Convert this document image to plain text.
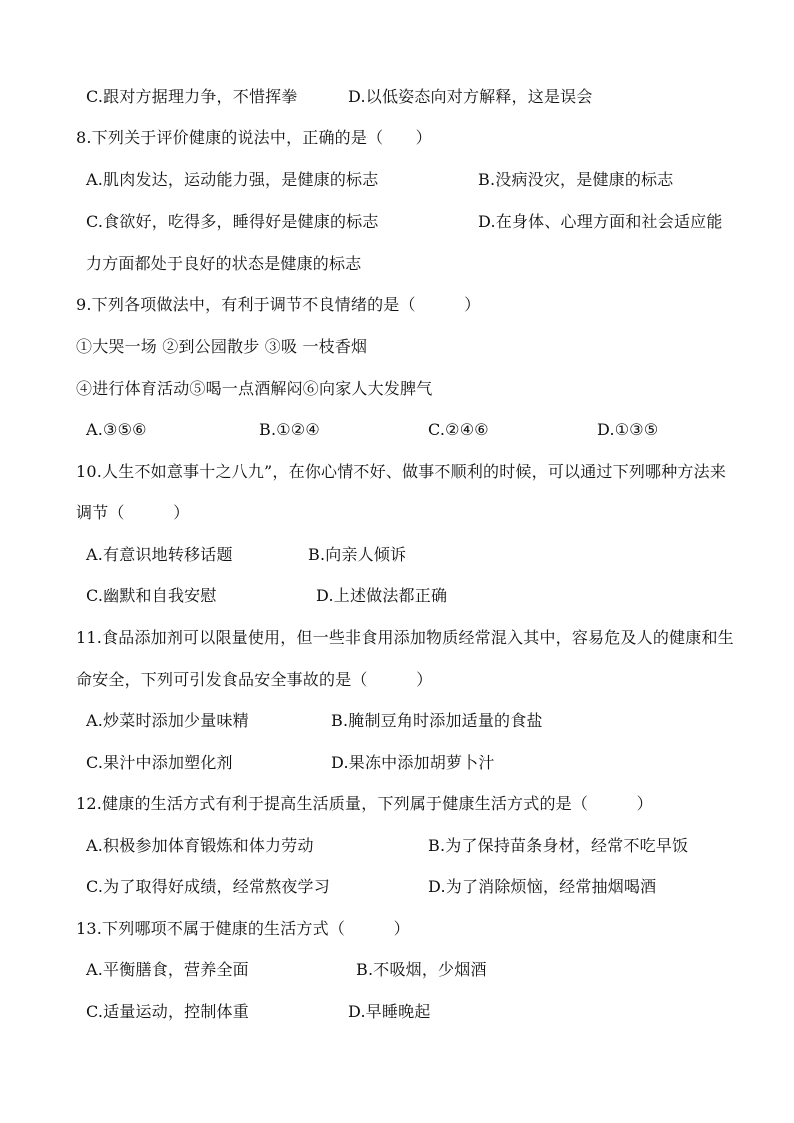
C.跟对方据理力争，不惜挥拳	D.以低姿态向对方解释，这是误会
8.下列关于评价健康的说法中，正确的是（　　）
A.肌肉发达，运动能力强，是健康的标志	B.没病没灾，是健康的标志
C.食欲好，吃得多，睡得好是健康的标志	D.在身体、心理方面和社会适应能
力方面都处于良好的状态是健康的标志
9.下列各项做法中，有利于调节不良情绪的是（　　　）
①大哭一场 ②到公园散步 ③吸 一枝香烟
④进行体育活动⑤喝一点酒解闷⑥向家人大发脾气
A.③⑤⑥	B.①②④	C.②④⑥	D.①③⑤
10.人生不如意事十之八九”，在你心情不好、做事不顺利的时候，可以通过下列哪种方法来
调节（　　　）
A.有意识地转移话题	B.向亲人倾诉
C.幽默和自我安慰	D.上述做法都正确
11.食品添加剂可以限量使用，但一些非食用添加物质经常混入其中，容易危及人的健康和生
命安全，下列可引发食品安全事故的是（　　　）
A.炒菜时添加少量味精	B.腌制豆角时添加适量的食盐
C.果汁中添加塑化剂	D.果冻中添加胡萝卜汁
12.健康的生活方式有利于提高生活质量，下列属于健康生活方式的是（　　　）
A.积极参加体育锻炼和体力劳动	B.为了保持苗条身材，经常不吃早饭
C.为了取得好成绩，经常熬夜学习	D.为了消除烦恼，经常抽烟喝酒
13.下列哪项不属于健康的生活方式（　　　）
A.平衡膳食，营养全面	B.不吸烟，少烟酒
C.适量运动，控制体重	D.早睡晚起
